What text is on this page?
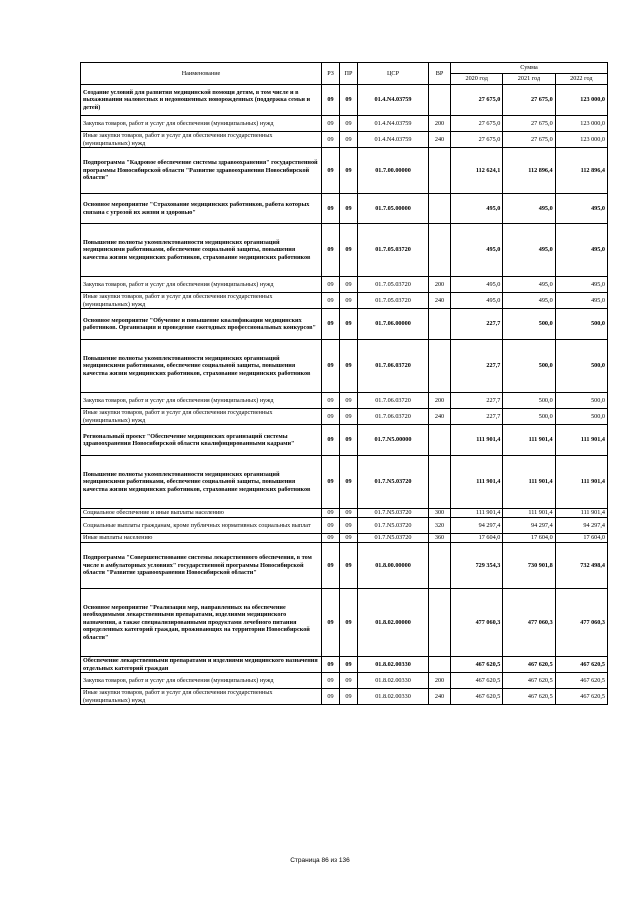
Наименование	РЗ	ПР	ЦСР	ВР	Сумма		
					2020 год	2021 год	2022 год
Создание условий для развития медицинской помощи детям, в том числе и в выхаживании маловесных и недоношенных новорожденных (поддержка семьи и детей)	09	09	01.4.N4.03759		27 675,0	27 675,0	123 000,0
Закупка товаров, работ и услуг для обеспечения (муниципальных) нужд	09	09	01.4.N4.03759	200	27 675,0	27 675,0	123 000,0
Иные закупки товаров, работ и услуг для обеспечения государственных (муниципальных) нужд	09	09	01.4.N4.03759	240	27 675,0	27 675,0	123 000,0
Подпрограмма "Кадровое обеспечение системы здравоохранения" государственной программы Новосибирской области "Развитие здравоохранения Новосибирской области"	09	09	01.7.00.00000		112 624,1	112 896,4	112 896,4
Основное мероприятие "Страхование медицинских работников, работа которых связана с угрозой их жизни и здоровью"	09	09	01.7.05.00000		495,0	495,0	495,0
Повышение полноты укомплектованности медицинских организаций медицинскими работниками, обеспечение социальной защиты, повышения качества жизни медицинских работников, страхование медицинских работников	09	09	01.7.05.03720		495,0	495,0	495,0
Закупка товаров, работ и услуг для обеспечения (муниципальных) нужд	09	09	01.7.05.03720	200	495,0	495,0	495,0
Иные закупки товаров, работ и услуг для обеспечения государственных (муниципальных) нужд	09	09	01.7.05.03720	240	495,0	495,0	495,0
Основное мероприятие "Обучение и повышение квалификации медицинских работников. Организация и проведение ежегодных профессиональных конкурсов"	09	09	01.7.06.00000		227,7	500,0	500,0
Повышение полноты укомплектованности медицинских организаций медицинскими работниками, обеспечение социальной защиты, повышения качества жизни медицинских работников, страхование медицинских работников	09	09	01.7.06.03720		227,7	500,0	500,0
Закупка товаров, работ и услуг для обеспечения (муниципальных) нужд	09	09	01.7.06.03720	200	227,7	500,0	500,0
Иные закупки товаров, работ и услуг для обеспечения государственных (муниципальных) нужд	09	09	01.7.06.03720	240	227,7	500,0	500,0
Региональный проект "Обеспечение медицинских организаций системы здравоохранения Новосибирской области квалифицированными кадрами"	09	09	01.7.N5.00000		111 901,4	111 901,4	111 901,4
Повышение полноты укомплектованности медицинских организаций медицинскими работниками, обеспечение социальной защиты, повышения качества жизни медицинских работников, страхование медицинских работников	09	09	01.7.N5.03720		111 901,4	111 901,4	111 901,4
Социальное обеспечение и иные выплаты населению	09	09	01.7.N5.03720	300	111 901,4	111 901,4	111 901,4
Социальные выплаты гражданам, кроме публичных нормативных социальных выплат	09	09	01.7.N5.03720	320	94 297,4	94 297,4	94 297,4
Иные выплаты населению	09	09	01.7.N5.03720	360	17 604,0	17 604,0	17 604,0
Подпрограмма "Совершенствование системы лекарственного обеспечения, в том числе в амбулаторных условиях" государственной программы Новосибирской области "Развитие здравоохранения Новосибирской области"	09	09	01.8.00.00000		729 354,3	730 901,8	732 498,4
Основное мероприятие "Реализация мер, направленных на обеспечение необходимыми лекарственными препаратами, изделиями медицинского назначения, а также специализированными продуктами лечебного питания определенных категорий граждан, проживающих на территории Новосибирской области"	09	09	01.8.02.00000		477 060,3	477 060,3	477 060,3
Обеспечение лекарственными препаратами и изделиями медицинского назначения отдельных категорий граждан	09	09	01.8.02.00330		467 620,5	467 620,5	467 620,5
Закупка товаров, работ и услуг для обеспечения (муниципальных) нужд	09	09	01.8.02.00330	200	467 620,5	467 620,5	467 620,5
Иные закупки товаров, работ и услуг для обеспечения государственных (муниципальных) нужд	09	09	01.8.02.00330	240	467 620,5	467 620,5	467 620,5
Страница 86 из 136
